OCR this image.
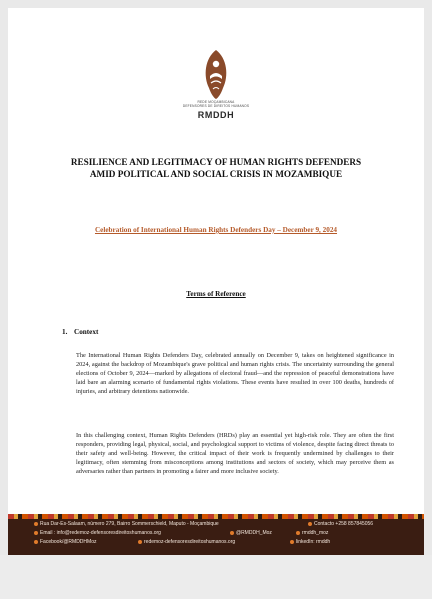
REDE MOÇAMBICANA
DEFENSORES DE DIREITOS HUMANOS
RMDDH
RESILIENCE AND LEGITIMACY OF HUMAN RIGHTS DEFENDERS
AMID POLITICAL AND SOCIAL CRISIS IN MOZAMBIQUE
Celebration of International Human Rights Defenders Day – December 9, 2024
Terms of Reference
1. Context

The International Human Rights Defenders Day, celebrated annually on December 9, takes on heightened significance in 2024, against the backdrop of Mozambique's grave political and human rights crisis. The uncertainty surrounding the general elections of October 9, 2024—marked by allegations of electoral fraud—and the repression of peaceful demonstrations have laid bare an alarming scenario of fundamental rights violations. These events have resulted in over 100 deaths, hundreds of injuries, and arbitrary detentions nationwide.

In this challenging context, Human Rights Defenders (HRDs) play an essential yet high-risk role. They are often the first responders, providing legal, physical, social, and psychological support to victims of violence, despite facing direct threats to their safety and well-being. However, the critical impact of their work is frequently undermined by challenges to their legitimacy, often stemming from misconceptions among institutions and sectors of society, which may perceive them as adversaries rather than partners in promoting a fairer and more inclusive society.

Rua Dar-Es-Salaam, número 279, Bairro Sommerschield, Maputo - Moçambique	Contacto +258 857845056
Email : info@redemoz-defensoresdireitoshumanos.org	@RMDDH_Moz	rmddh_moz
Facebook/@RMDDHMoz	redemoz-defensoresdireitoshumanos.org	linkedIn: rmddh
